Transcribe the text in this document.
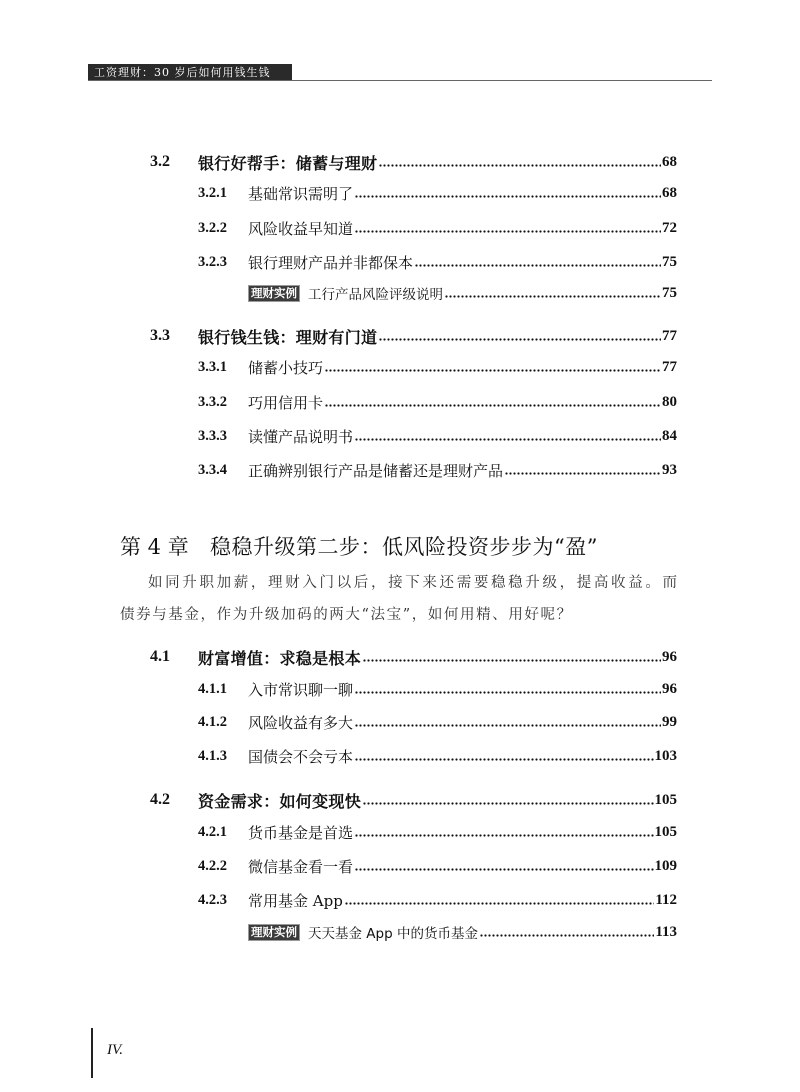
工资理财：30 岁后如何用钱生钱
3.2	银行好帮手：储蓄与理财	68
3.2.1	基础常识需明了	68
3.2.2	风险收益早知道	72
3.2.3	银行理财产品并非都保本	75
理财实例 工行产品风险评级说明	75
3.3	银行钱生钱：理财有门道	77
3.3.1	储蓄小技巧	77
3.3.2	巧用信用卡	80
3.3.3	读懂产品说明书	84
3.3.4	正确辨别银行产品是储蓄还是理财产品	93
第 4 章	稳稳升级第二步：低风险投资步步为“盈”
如同升职加薪，理财入门以后，接下来还需要稳稳升级，提高收益。而
债券与基金，作为升级加码的两大“法宝”，如何用精、用好呢？
4.1	财富增值：求稳是根本	96
4.1.1	入市常识聊一聊	96
4.1.2	风险收益有多大	99
4.1.3	国债会不会亏本	103
4.2	资金需求：如何变现快	105
4.2.1	货币基金是首选	105
4.2.2	微信基金看一看	109
4.2.3	常用基金 App	112
理财实例 天天基金 App 中的货币基金	113
IV.
